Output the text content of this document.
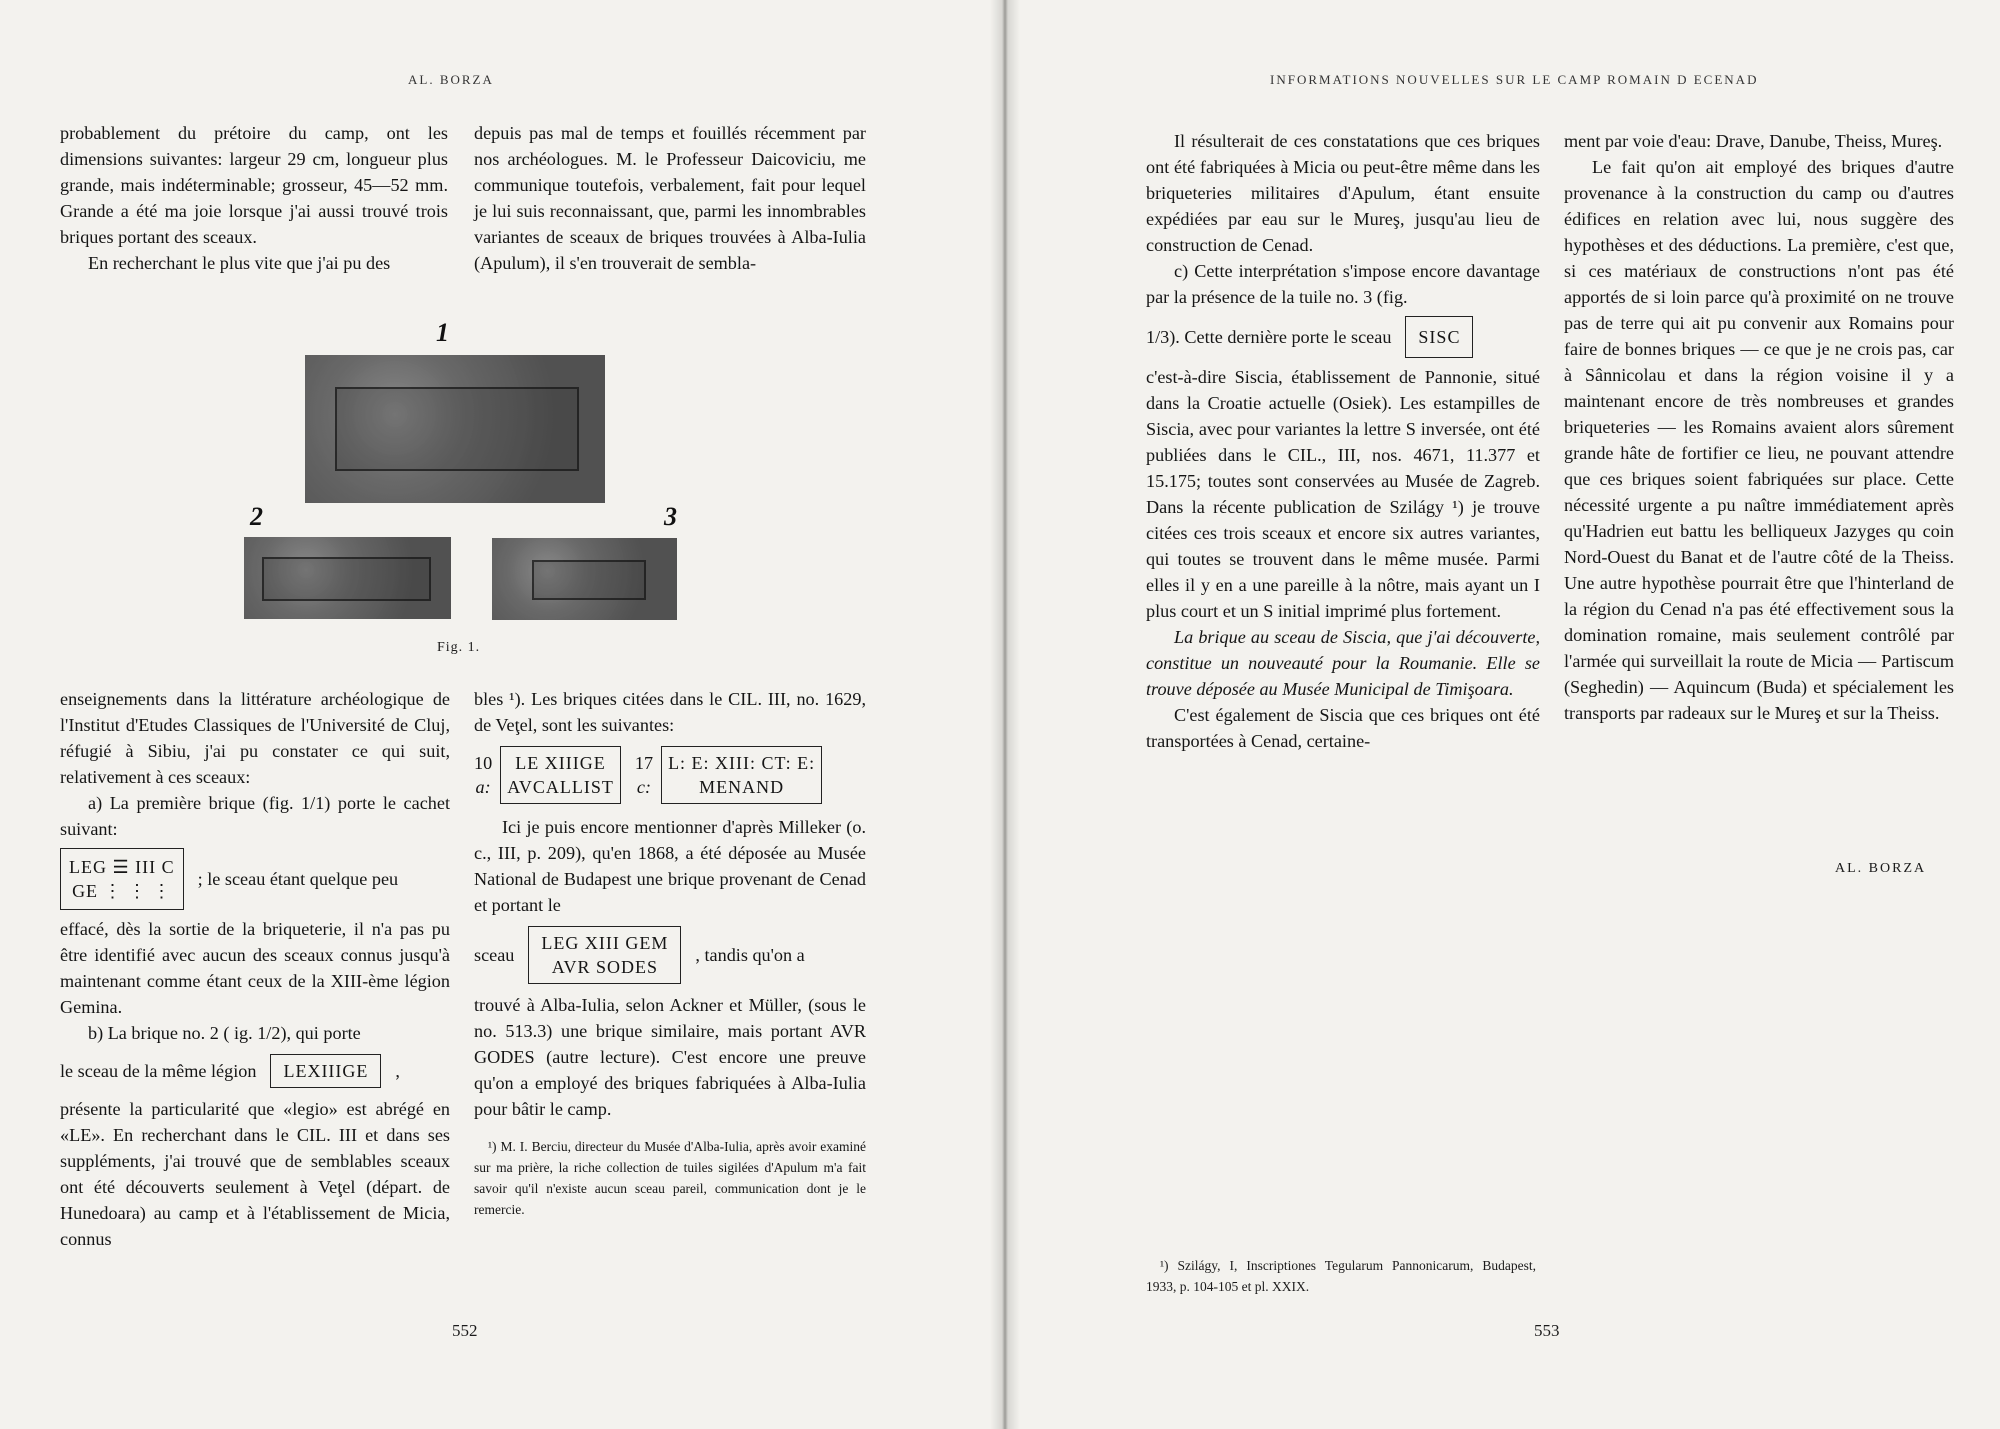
AL. BORZA

probablement du prétoire du camp, ont les dimensions suivantes: largeur 29 cm, longueur plus grande, mais indéterminable; grosseur, 45—52 mm. Grande a été ma joie lorsque j'ai aussi trouvé trois briques portant des sceaux.

En recherchant le plus vite que j'ai pu des

depuis pas mal de temps et fouillés récemment par nos archéologues. M. le Professeur Daicoviciu, me communique toutefois, verbalement, fait pour lequel je lui suis reconnaissant, que, parmi les innombrables variantes de sceaux de briques trouvées à Alba-Iulia (Apulum), il s'en trouverait de sembla-

1
2	3
Fig. 1.

enseignements dans la littérature archéologique de l'Institut d'Etudes Classiques de l'Université de Cluj, réfugié à Sibiu, j'ai pu constater ce qui suit, relativement à ces sceaux:

a) La première brique (fig. 1/1) porte le cachet suivant:

LEG ☰ III C
GE ⋮ ⋮ ⋮
; le sceau étant quelque peu

effacé, dès la sortie de la briqueterie, il n'a pas pu être identifié avec aucun des sceaux connus jusqu'à maintenant comme étant ceux de la XIII-ème légion Gemina.

b) La brique no. 2 ( ig. 1/2), qui porte

le sceau de la même légion	LEXIIIGE	,

présente la particularité que «legio» est abrégé en «LE». En recherchant dans le CIL. III et dans ses suppléments, j'ai trouvé que de semblables sceaux ont été découverts seulement à Veţel (départ. de Hunedoara) au camp et à l'établissement de Micia, connus

bles ¹). Les briques citées dans le CIL. III, no. 1629, de Veţel, sont les suivantes:

10
a:
LE XIIIGE
AVCALLIST
17
c:
L: E: XIII: CT: E:
MENAND

Ici je puis encore mentionner d'après Milleker (o. c., III, p. 209), qu'en 1868, a été déposée au Musée National de Budapest une brique provenant de Cenad et portant le

sceau
LEG XIII GEM
AVR SODES
, tandis qu'on a

trouvé à Alba-Iulia, selon Ackner et Müller, (sous le no. 513.3) une brique similaire, mais portant AVR GODES (autre lecture). C'est encore une preuve qu'on a employé des briques fabriquées à Alba-Iulia pour bâtir le camp.

¹) M. I. Berciu, directeur du Musée d'Alba-Iulia, après avoir examiné sur ma prière, la riche collection de tuiles sigilées d'Apulum m'a fait savoir qu'il n'existe aucun sceau pareil, communication dont je le remercie.

552
INFORMATIONS NOUVELLES SUR LE CAMP ROMAIN D ECENAD

Il résulterait de ces constatations que ces briques ont été fabriquées à Micia ou peut-être même dans les briqueteries militaires d'Apulum, étant ensuite expédiées par eau sur le Mureş, jusqu'au lieu de construction de Cenad.

c) Cette interprétation s'impose encore davantage par la présence de la tuile no. 3 (fig.

1/3). Cette dernière porte le sceau	SISC

c'est-à-dire Siscia, établissement de Pannonie, situé dans la Croatie actuelle (Osiek). Les estampilles de Siscia, avec pour variantes la lettre S inversée, ont été publiées dans le CIL., III, nos. 4671, 11.377 et 15.175; toutes sont conservées au Musée de Zagreb. Dans la récente publication de Szilágy ¹) je trouve citées ces trois sceaux et encore six autres variantes, qui toutes se trouvent dans le même musée. Parmi elles il y en a une pareille à la nôtre, mais ayant un I plus court et un S initial imprimé plus fortement.

La brique au sceau de Siscia, que j'ai découverte, constitue un nouveauté pour la Roumanie. Elle se trouve déposée au Musée Municipal de Timişoara.

C'est également de Siscia que ces briques ont été transportées à Cenad, certaine-

ment par voie d'eau: Drave, Danube, Theiss, Mureş.

Le fait qu'on ait employé des briques d'autre provenance à la construction du camp ou d'autres édifices en relation avec lui, nous suggère des hypothèses et des déductions. La première, c'est que, si ces matériaux de constructions n'ont pas été apportés de si loin parce qu'à proximité on ne trouve pas de terre qui ait pu convenir aux Romains pour faire de bonnes briques — ce que je ne crois pas, car à Sânnicolau et dans la région voisine il y a maintenant encore de très nombreuses et grandes briqueteries — les Romains avaient alors sûrement grande hâte de fortifier ce lieu, ne pouvant attendre que ces briques soient fabriquées sur place. Cette nécessité urgente a pu naître immédiatement après qu'Hadrien eut battu les belliqueux Jazyges qu coin Nord-Ouest du Banat et de l'autre côté de la Theiss. Une autre hypothèse pourrait être que l'hinterland de la région du Cenad n'a pas été effectivement sous la domination romaine, mais seulement contrôlé par l'armée qui surveillait la route de Micia — Partiscum (Seghedin) — Aquincum (Buda) et spécialement les transports par radeaux sur le Mureş et sur la Theiss.

AL. BORZA
¹) Szilágy, I, Inscriptiones Tegularum Pannonicarum, Budapest, 1933, p. 104-105 et pl. XXIX.
553
